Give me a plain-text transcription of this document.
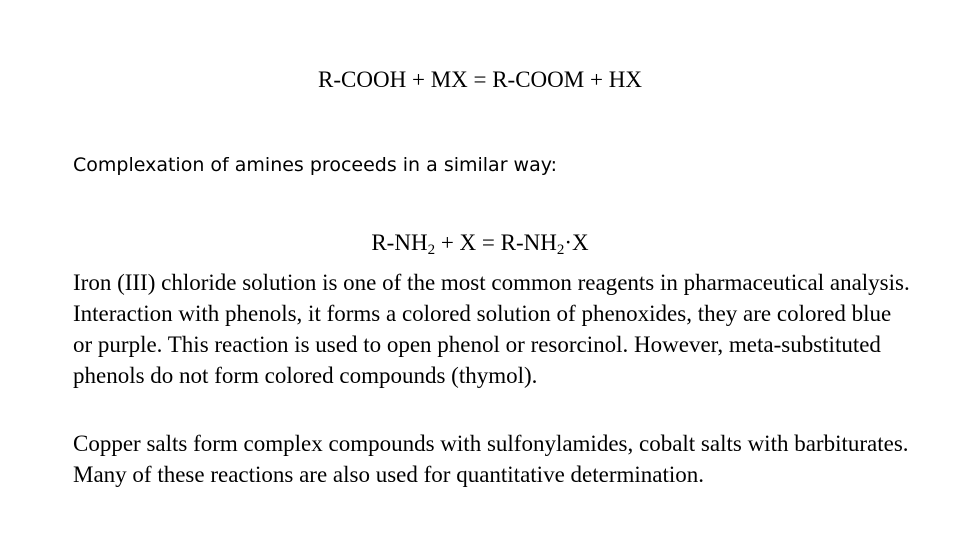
R-COOH + MX = R-COOM + HX
Complexation of amines proceeds in a similar way:
$R-NH_2 + X = R-NH_2\cdot X$

Iron (III) chloride solution is one of the most common reagents in pharmaceutical analysis. Interaction with phenols, it forms a colored solution of phenoxides, they are colored blue or purple. This reaction is used to open phenol or resorcinol. However, meta-substituted phenols do not form colored compounds (thymol).

Copper salts form complex compounds with sulfonylamides, cobalt salts with barbiturates. Many of these reactions are also used for quantitative determination.
